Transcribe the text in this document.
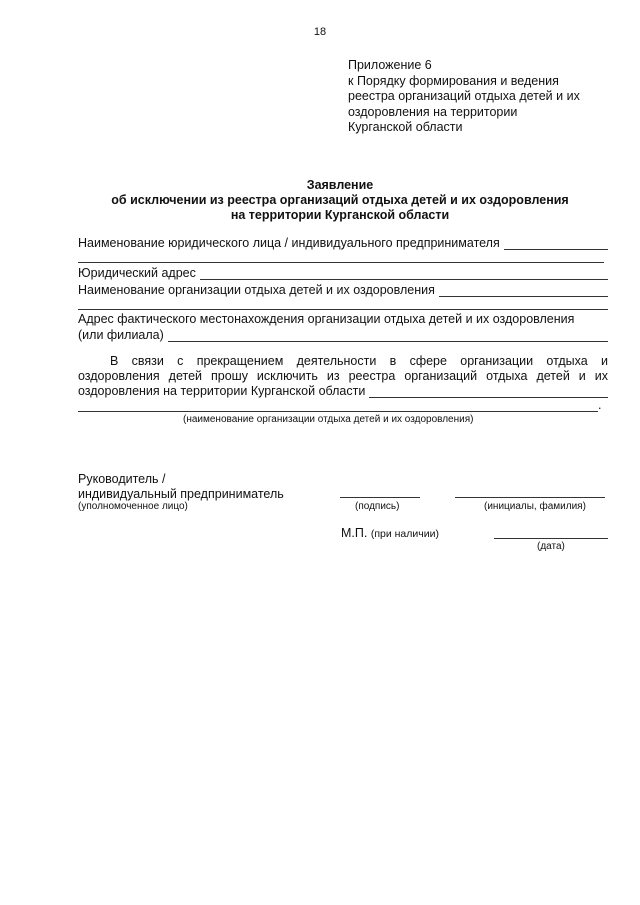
18
Приложение 6
к Порядку формирования и ведения
реестра организаций отдыха детей и их
оздоровления на территории
Курганской области
Заявление
об исключении из реестра организаций отдыха детей и их оздоровления
на территории Курганской области
Наименование юридического лица / индивидуального предпринимателя
Юридический адрес
Наименование организации отдыха детей и их оздоровления
Адрес фактического местонахождения организации отдыха детей и их оздоровления
(или филиала)
В связи с прекращением деятельности в сфере организации отдыха и
оздоровления детей прошу исключить из реестра организаций отдыха детей и их
оздоровления на территории Курганской области
.
(наименование организации отдыха детей и их оздоровления)
Руководитель /
индивидуальный предприниматель
(уполномоченное лицо)	(подпись)	(инициалы, фамилия)
М.П. (при наличии)
(дата)
